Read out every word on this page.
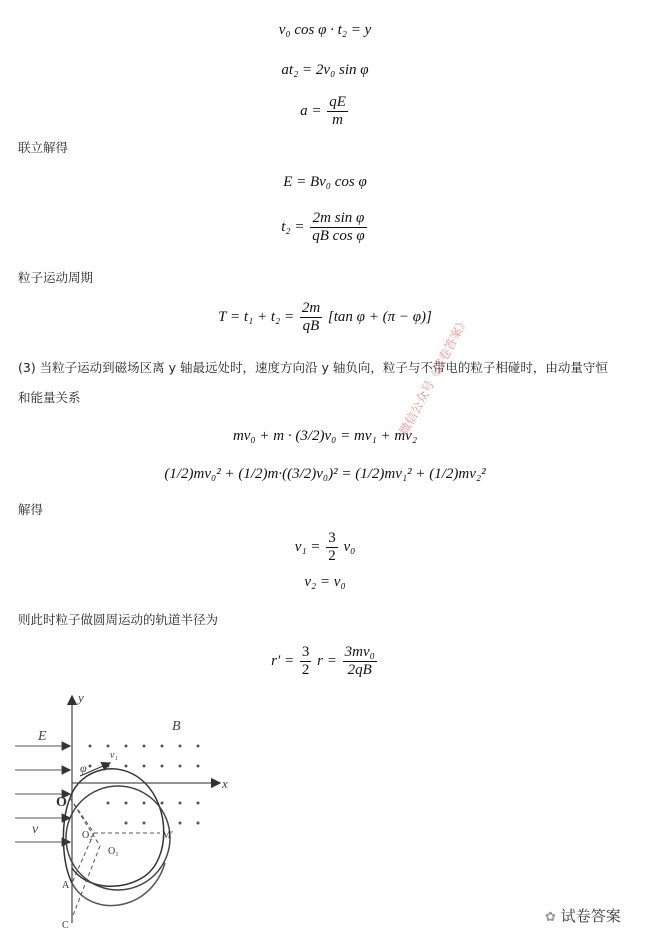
v₀ cos φ · t₂ = y
at₂ = 2v₀ sin φ
$a = \frac{qE}{m}$
联立解得
E = Bv₀ cos φ
$t_2 = \frac{\text{2m sin φ}}{\text{qB cos φ}}$
粒子运动周期
$T = t_1 + t_2 = \frac{2m}{qB} [\tan$ φ + (π − φ)]
(3) 当粒子运动到磁场区离 y 轴最远处时，速度方向沿 y 轴负向，粒子与不带电的粒子相碰时，由动量守恒
和能量关系
mv₀ + m · (3/2)v₀ = mv₁ + mv₂
(1/2)mv₀² + (1/2)m·((3/2)v₀)² = (1/2)mv₁² + (1/2)mv₂²
解得
$v_1 = \frac{3}{2} v_0$
v₂ = v₀
则此时粒子做圆周运动的轨道半径为
$r' = \frac{3}{2}$ $r = \frac{\text{3mv₀}}{2qB}$
微信公众号《试卷答案》
y
x
E
B
v₁
φ
v
O
O₂
O₁
M′
A
C
✿ 试卷答案
